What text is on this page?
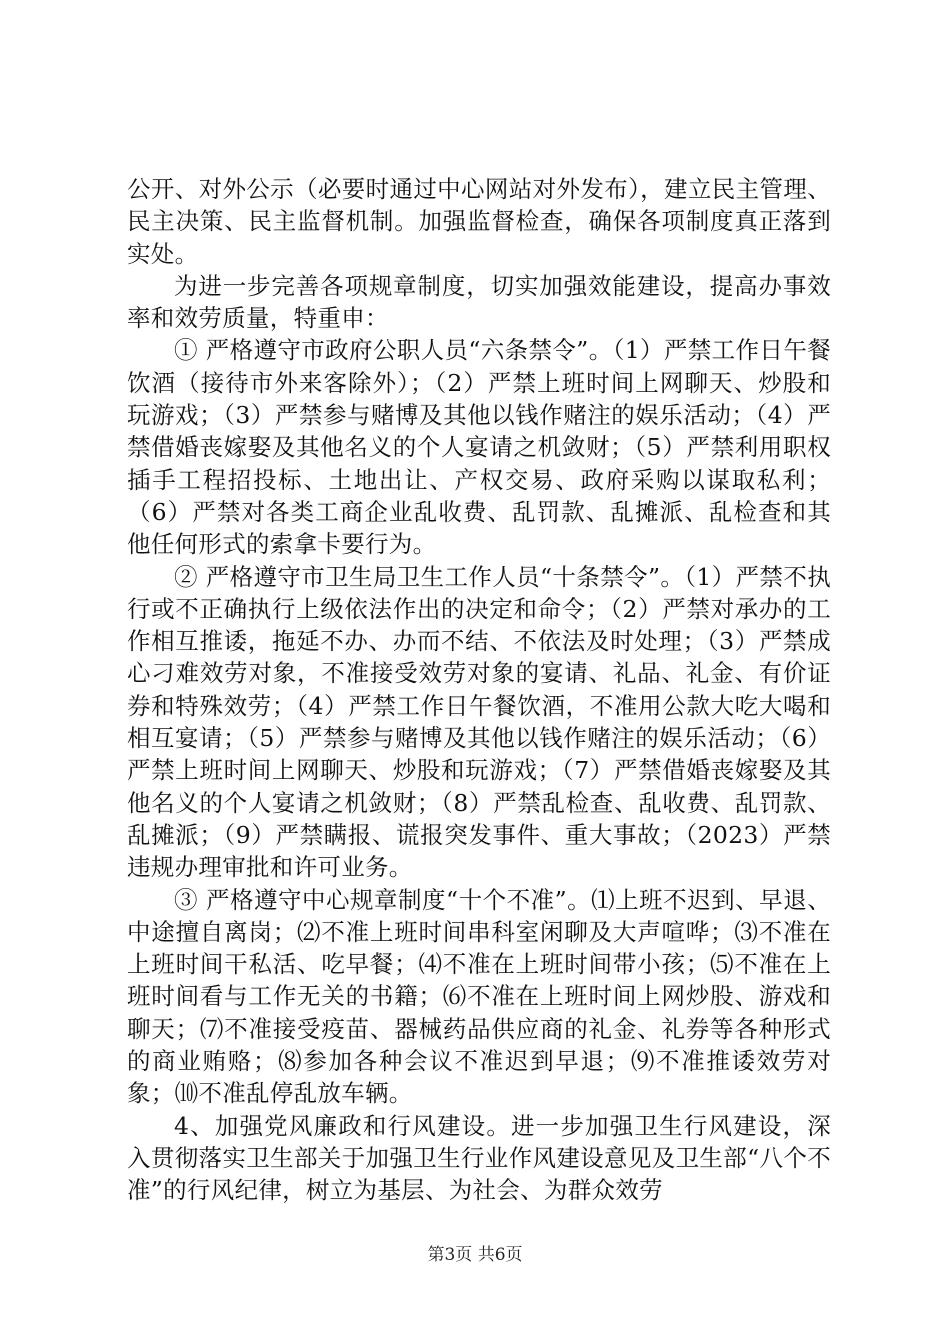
公开、对外公示（必要时通过中心网站对外发布），建立民主管理、民主决策、民主监督机制。加强监督检查，确保各项制度真正落到实处。

为进一步完善各项规章制度，切实加强效能建设，提高办事效率和效劳质量，特重申：

① 严格遵守市政府公职人员“六条禁令”。（1）严禁工作日午餐饮酒（接待市外来客除外）；（2）严禁上班时间上网聊天、炒股和玩游戏；（3）严禁参与赌博及其他以钱作赌注的娱乐活动；（4）严禁借婚丧嫁娶及其他名义的个人宴请之机敛财；（5）严禁利用职权插手工程招投标、土地出让、产权交易、政府采购以谋取私利；（6）严禁对各类工商企业乱收费、乱罚款、乱摊派、乱检查和其他任何形式的索拿卡要行为。

② 严格遵守市卫生局卫生工作人员“十条禁令”。（1）严禁不执行或不正确执行上级依法作出的决定和命令；（2）严禁对承办的工作相互推诿，拖延不办、办而不结、不依法及时处理；（3）严禁成心刁难效劳对象，不准接受效劳对象的宴请、礼品、礼金、有价证券和特殊效劳；（4）严禁工作日午餐饮酒，不准用公款大吃大喝和相互宴请；（5）严禁参与赌博及其他以钱作赌注的娱乐活动；（6）严禁上班时间上网聊天、炒股和玩游戏；（7）严禁借婚丧嫁娶及其他名义的个人宴请之机敛财；（8）严禁乱检查、乱收费、乱罚款、乱摊派；（9）严禁瞒报、谎报突发事件、重大事故；（2023）严禁违规办理审批和许可业务。

③ 严格遵守中心规章制度“十个不准”。⑴上班不迟到、早退、中途擅自离岗；⑵不准上班时间串科室闲聊及大声喧哗；⑶不准在上班时间干私活、吃早餐；⑷不准在上班时间带小孩；⑸不准在上班时间看与工作无关的书籍；⑹不准在上班时间上网炒股、游戏和　 聊天；⑺不准接受疫苗、器械药品供应商的礼金、礼券等各种形式的商业贿赂；⑻参加各种会议不准迟到早退；⑼不准推诿效劳对象；⑽不准乱停乱放车辆。

4、加强党风廉政和行风建设。进一步加强卫生行风建设，深入贯彻落实卫生部关于加强卫生行业作风建设意见及卫生部“八个不准”的行风纪律，树立为基层、为社会、为群众效劳

第3页 共6页
